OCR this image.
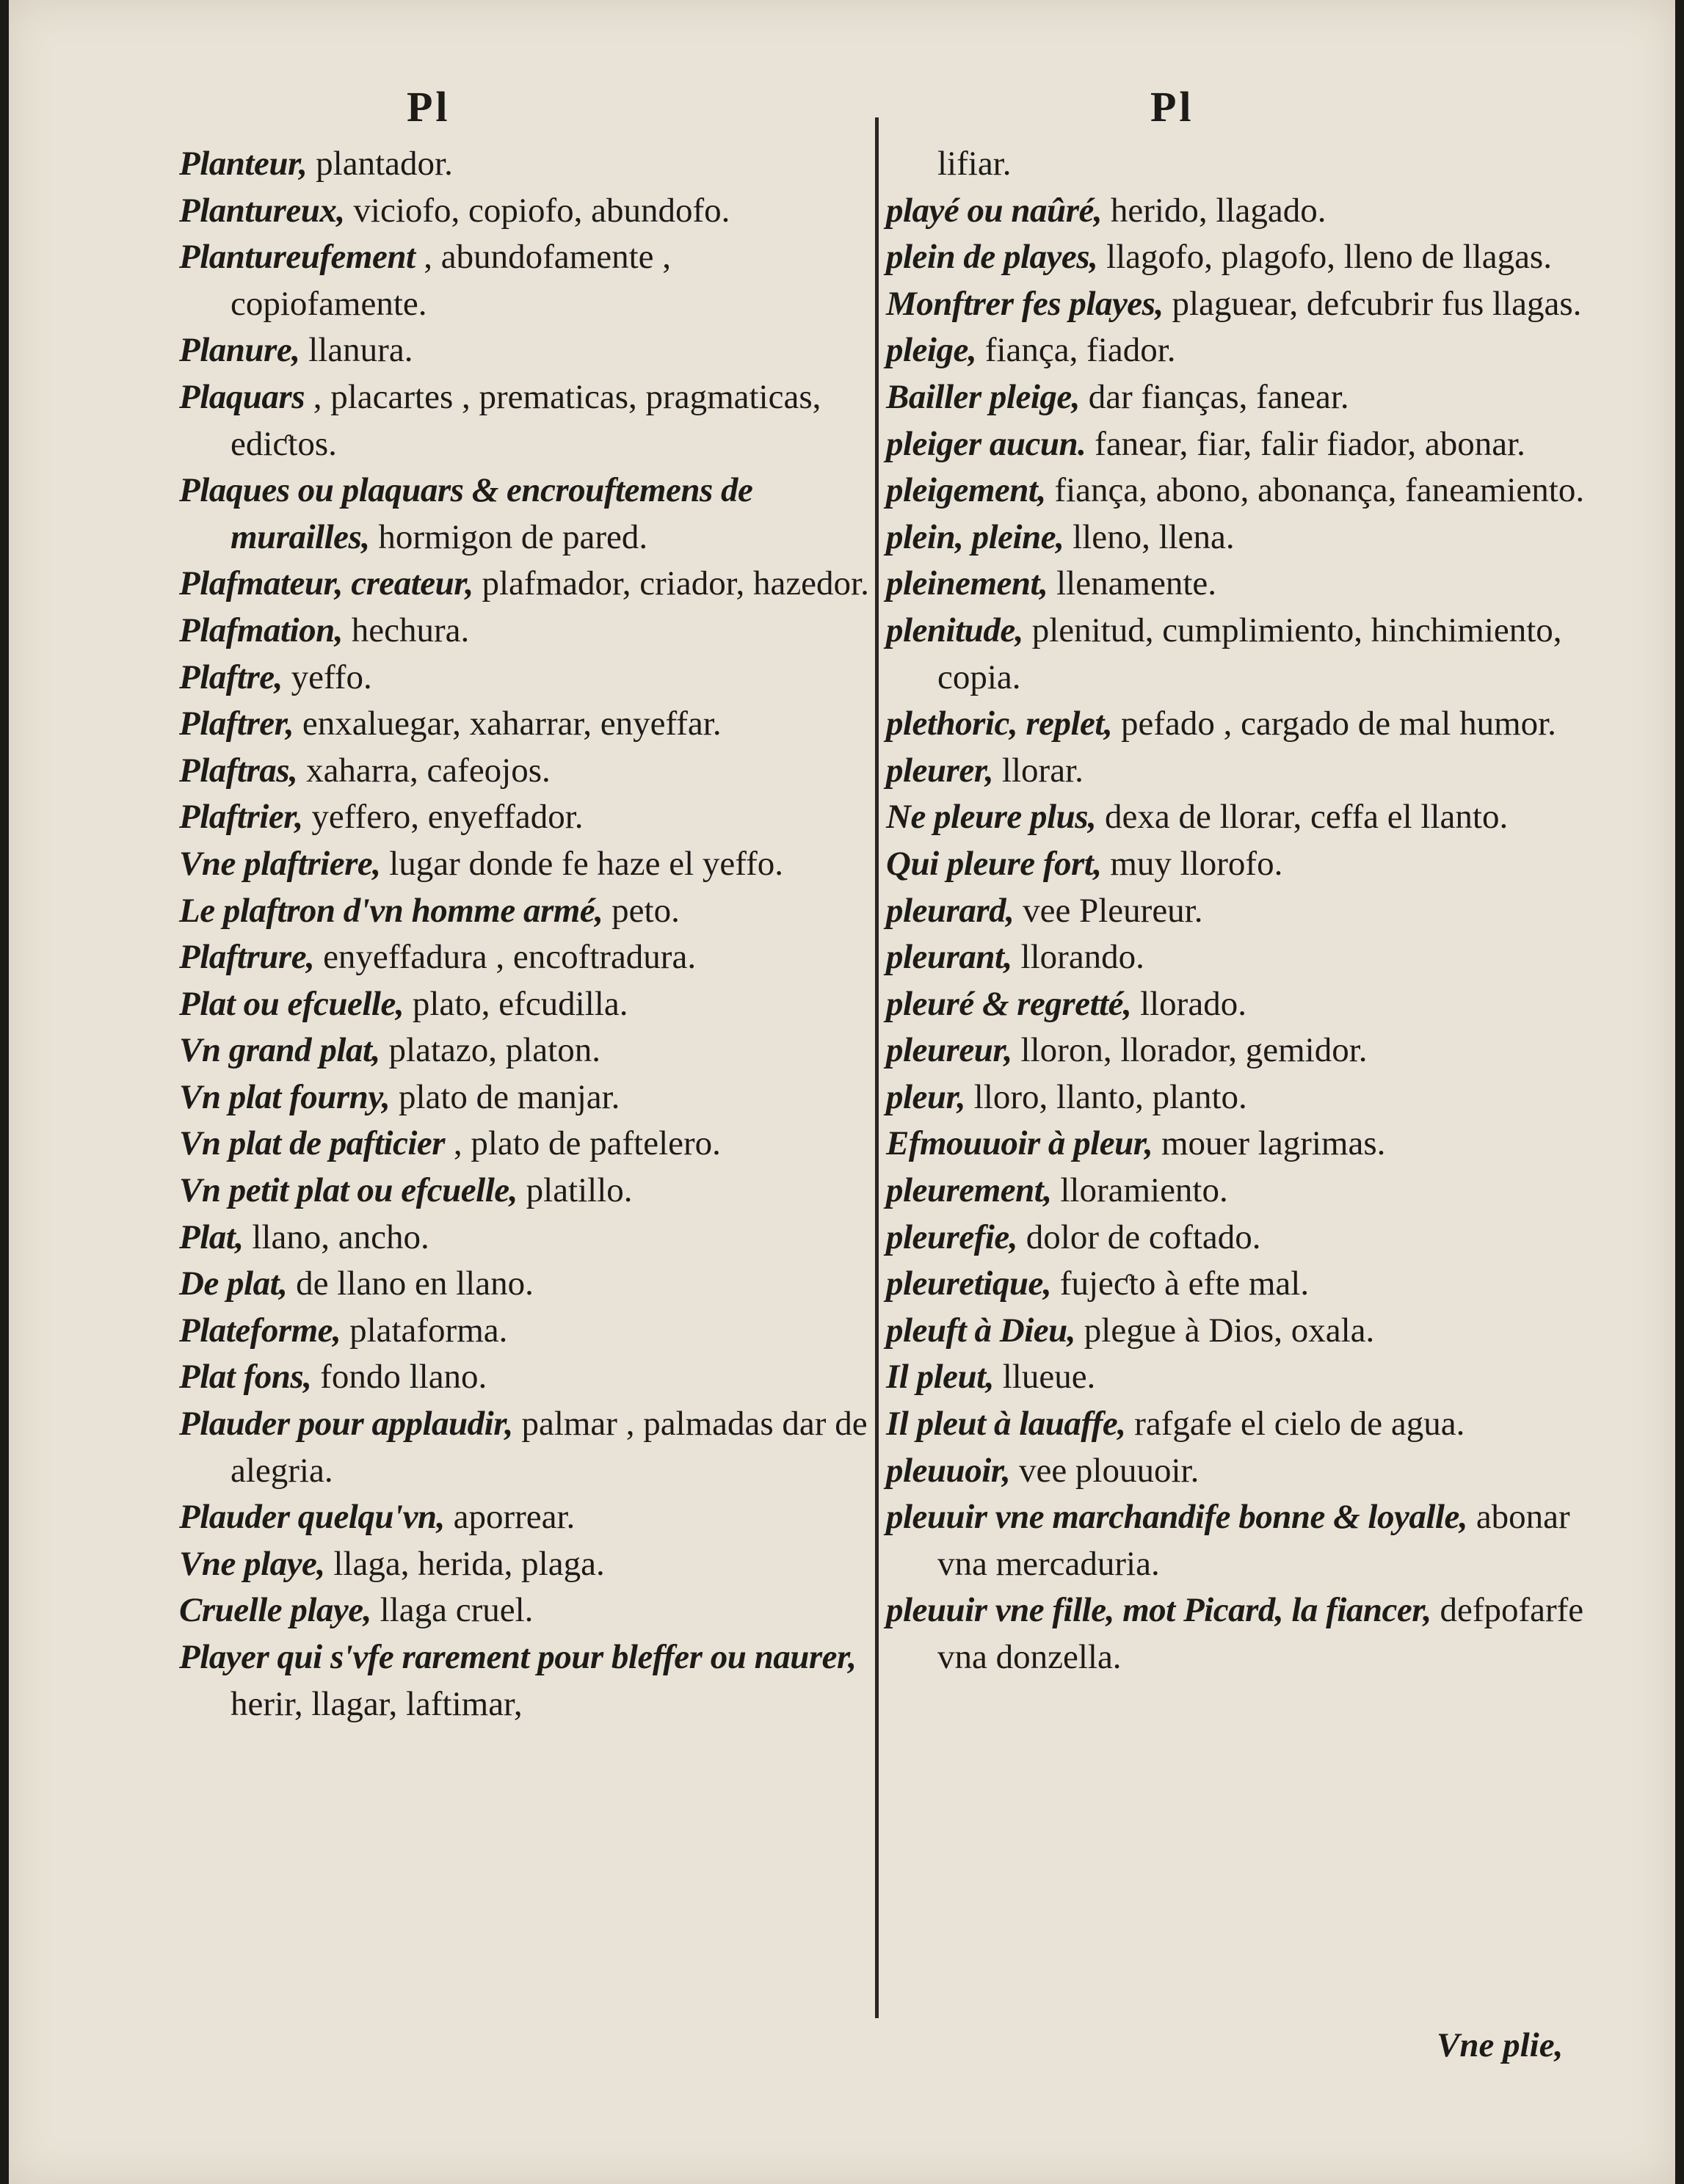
Pl

Planteur, plantador.

Plantureux, viciofo, copiofo, abundofo.

Plantureufement , abundofamente , copiofamente.

Planure, llanura.

Plaquars , placartes , prematicas, pragmaticas, ediƈtos.

Plaques ou plaquars & encrouftemens de murailles, hormigon de pared.

Plafmateur, createur, plafmador, criador, hazedor.

Plafmation, hechura.

Plaftre, yeffo.

Plaftrer, enxaluegar, xaharrar, enyeffar.

Plaftras, xaharra, cafeojos.

Plaftrier, yeffero, enyeffador.

Vne plaftriere, lugar donde fe haze el yeffo.

Le plaftron d'vn homme armé, peto.

Plaftrure, enyeffadura , encoftradura.

Plat ou efcuelle, plato, efcudilla.

Vn grand plat, platazo, platon.

Vn plat fourny, plato de manjar.

Vn plat de pafticier , plato de paftelero.

Vn petit plat ou efcuelle, platillo.

Plat, llano, ancho.

De plat, de llano en llano.

Plateforme, plataforma.

Plat fons, fondo llano.

Plauder pour applaudir, palmar , palmadas dar de alegria.

Plauder quelqu'vn, aporrear.

Vne playe, llaga, herida, plaga.

Cruelle playe, llaga cruel.

Player qui s'vfe rarement pour bleffer ou naurer, herir, llagar, laftimar,

Pl

lifiar.

playé ou naûré, herido, llagado.

plein de playes, llagofo, plagofo, lleno de llagas.

Monftrer fes playes, plaguear, defcubrir fus llagas.

pleige, fiança, fiador.

Bailler pleige, dar fianças, fanear.

pleiger aucun. fanear, fiar, falir fiador, abonar.

pleigement, fiança, abono, abonança, faneamiento.

plein, pleine, lleno, llena.

pleinement, llenamente.

plenitude, plenitud, cumplimiento, hinchimiento, copia.

plethoric, replet, pefado , cargado de mal humor.

pleurer, llorar.

Ne pleure plus, dexa de llorar, ceffa el llanto.

Qui pleure fort, muy llorofo.

pleurard, vee Pleureur.

pleurant, llorando.

pleuré & regretté, llorado.

pleureur, lloron, llorador, gemidor.

pleur, lloro, llanto, planto.

Efmouuoir à pleur, mouer lagrimas.

pleurement, lloramiento.

pleurefie, dolor de coftado.

pleuretique, fujeƈto à efte mal.

pleuft à Dieu, plegue à Dios, oxala.

Il pleut, llueue.

Il pleut à lauaffe, rafgafe el cielo de agua.

pleuuoir, vee plouuoir.

pleuuir vne marchandife bonne & loyalle, abonar vna mercaduria.

pleuuir vne fille, mot Picard, la fiancer, defpofarfe vna donzella.

Vne plie,
